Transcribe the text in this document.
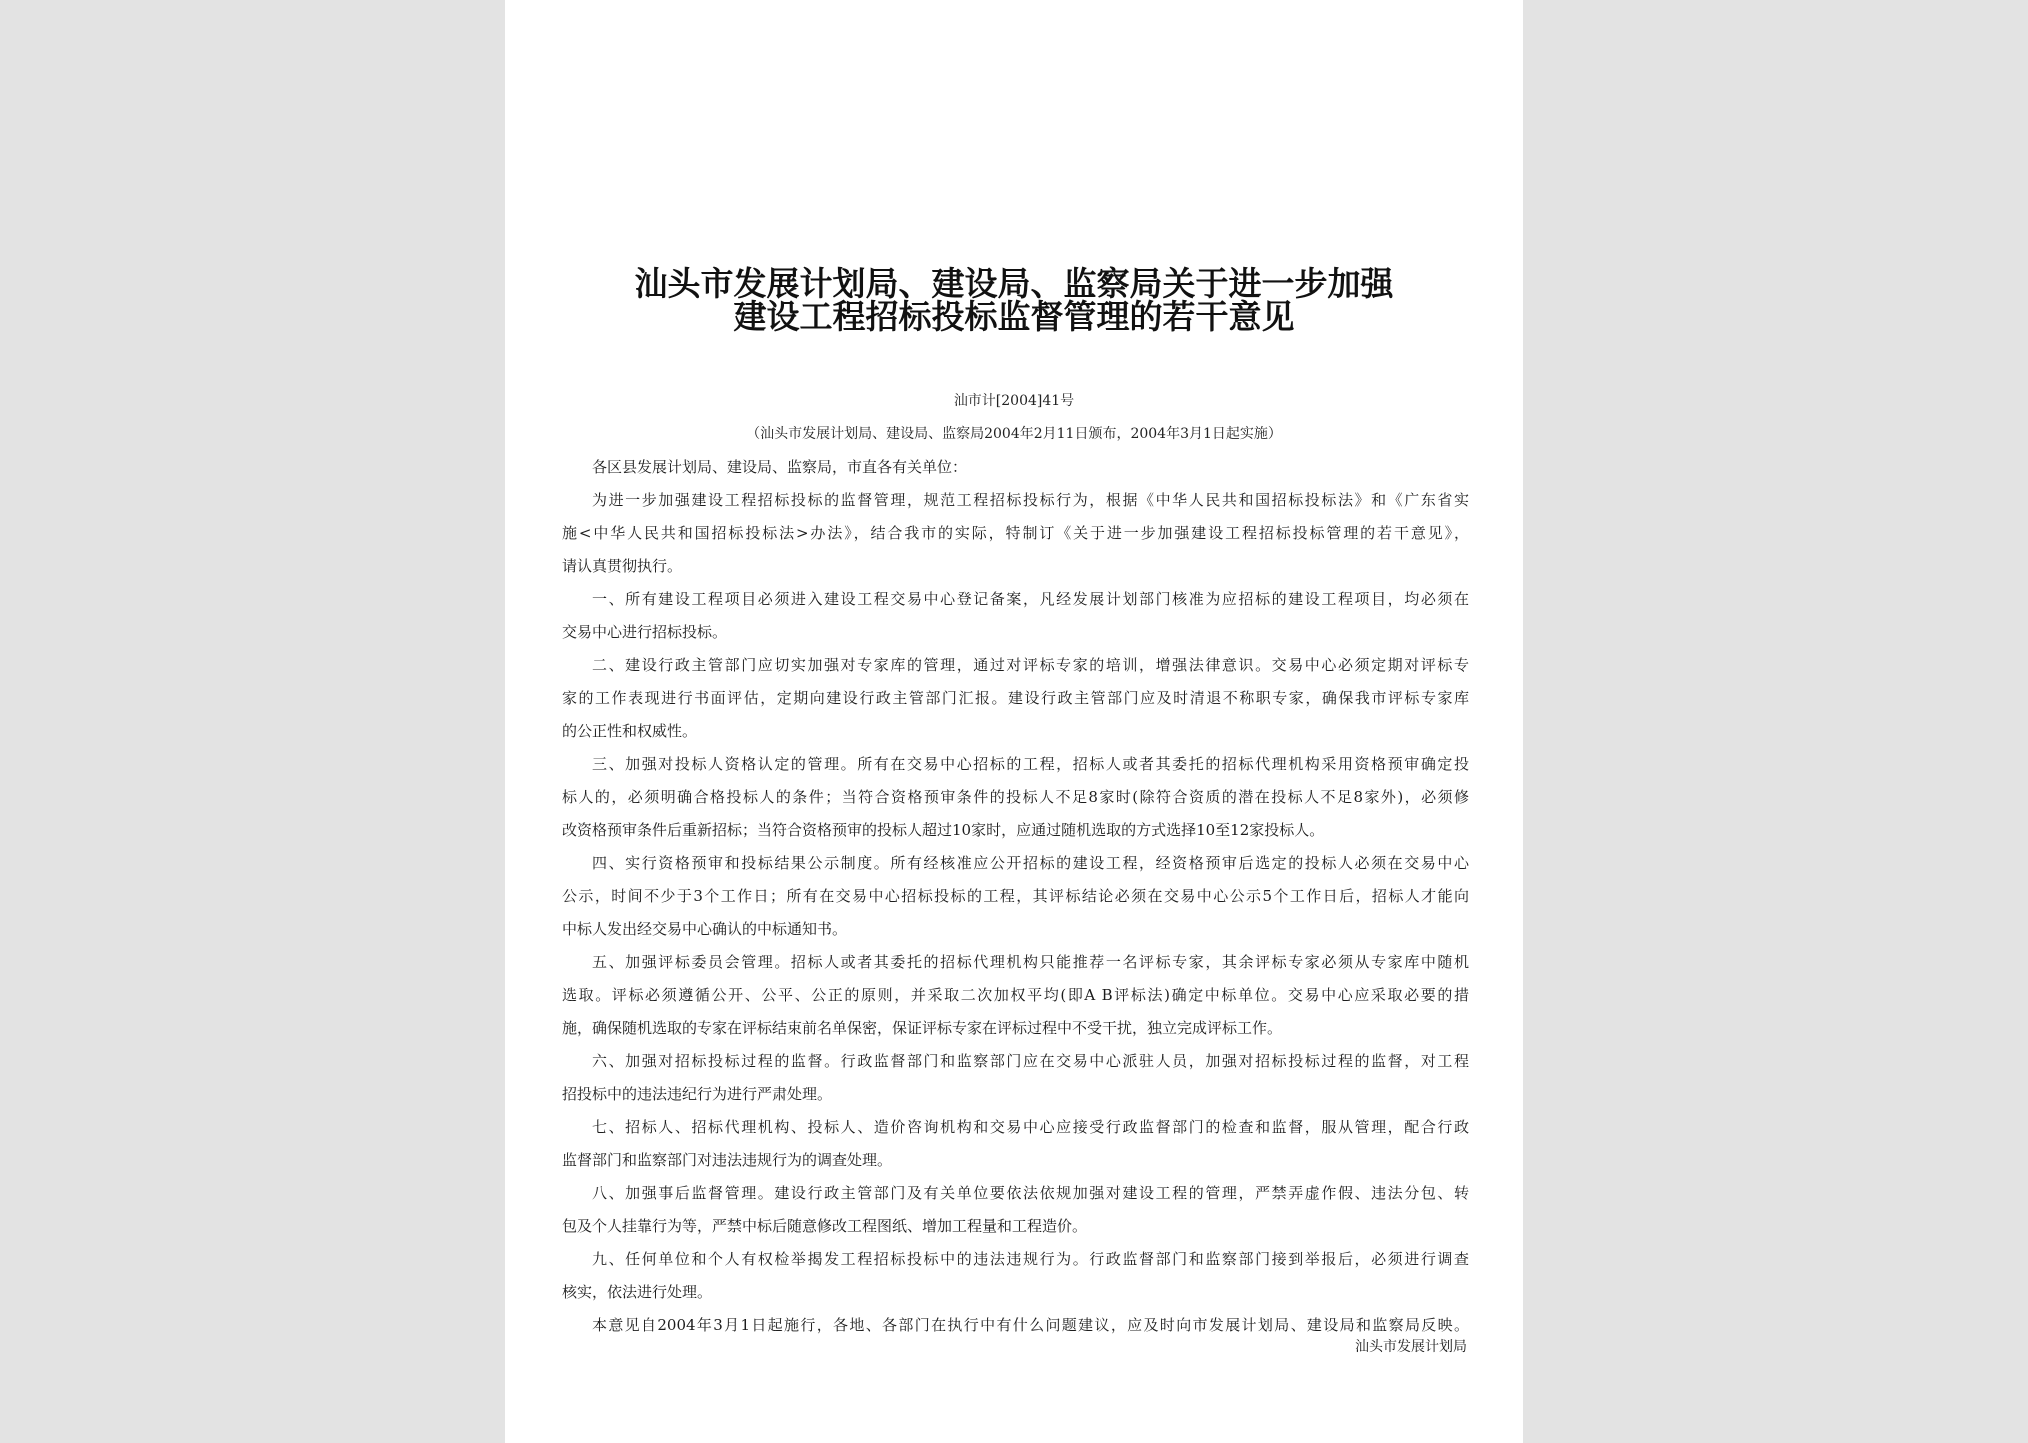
汕头市发展计划局、建设局、监察局关于进一步加强
建设工程招标投标监督管理的若干意见

汕市计[2004]41号

（汕头市发展计划局、建设局、监察局2004年2月11日颁布，2004年3月1日起实施）

各区县发展计划局、建设局、监察局，市直各有关单位：
为进一步加强建设工程招标投标的监督管理，规范工程招标投标行为，根据《中华人民共和国招标投标法》和《广东省实
施<中华人民共和国招标投标法>办法》，结合我市的实际，特制订《关于进一步加强建设工程招标投标管理的若干意见》，
请认真贯彻执行。
一、所有建设工程项目必须进入建设工程交易中心登记备案，凡经发展计划部门核准为应招标的建设工程项目，均必须在
交易中心进行招标投标。
二、建设行政主管部门应切实加强对专家库的管理，通过对评标专家的培训，增强法律意识。交易中心必须定期对评标专
家的工作表现进行书面评估，定期向建设行政主管部门汇报。建设行政主管部门应及时清退不称职专家，确保我市评标专家库
的公正性和权威性。
三、加强对投标人资格认定的管理。所有在交易中心招标的工程，招标人或者其委托的招标代理机构采用资格预审确定投
标人的，必须明确合格投标人的条件；当符合资格预审条件的投标人不足8家时(除符合资质的潜在投标人不足8家外)，必须修
改资格预审条件后重新招标；当符合资格预审的投标人超过10家时，应通过随机选取的方式选择10至12家投标人。
四、实行资格预审和投标结果公示制度。所有经核准应公开招标的建设工程，经资格预审后选定的投标人必须在交易中心
公示，时间不少于3个工作日；所有在交易中心招标投标的工程，其评标结论必须在交易中心公示5个工作日后，招标人才能向
中标人发出经交易中心确认的中标通知书。
五、加强评标委员会管理。招标人或者其委托的招标代理机构只能推荐一名评标专家，其余评标专家必须从专家库中随机
选取。评标必须遵循公开、公平、公正的原则，并采取二次加权平均(即A B评标法)确定中标单位。交易中心应采取必要的措
施，确保随机选取的专家在评标结束前名单保密，保证评标专家在评标过程中不受干扰，独立完成评标工作。
六、加强对招标投标过程的监督。行政监督部门和监察部门应在交易中心派驻人员，加强对招标投标过程的监督，对工程
招投标中的违法违纪行为进行严肃处理。
七、招标人、招标代理机构、投标人、造价咨询机构和交易中心应接受行政监督部门的检查和监督，服从管理，配合行政
监督部门和监察部门对违法违规行为的调查处理。
八、加强事后监督管理。建设行政主管部门及有关单位要依法依规加强对建设工程的管理，严禁弄虚作假、违法分包、转
包及个人挂靠行为等，严禁中标后随意修改工程图纸、增加工程量和工程造价。
九、任何单位和个人有权检举揭发工程招标投标中的违法违规行为。行政监督部门和监察部门接到举报后，必须进行调查
核实，依法进行处理。
本意见自2004年3月1日起施行，各地、各部门在执行中有什么问题建议，应及时向市发展计划局、建设局和监察局反映。
汕头市发展计划局
